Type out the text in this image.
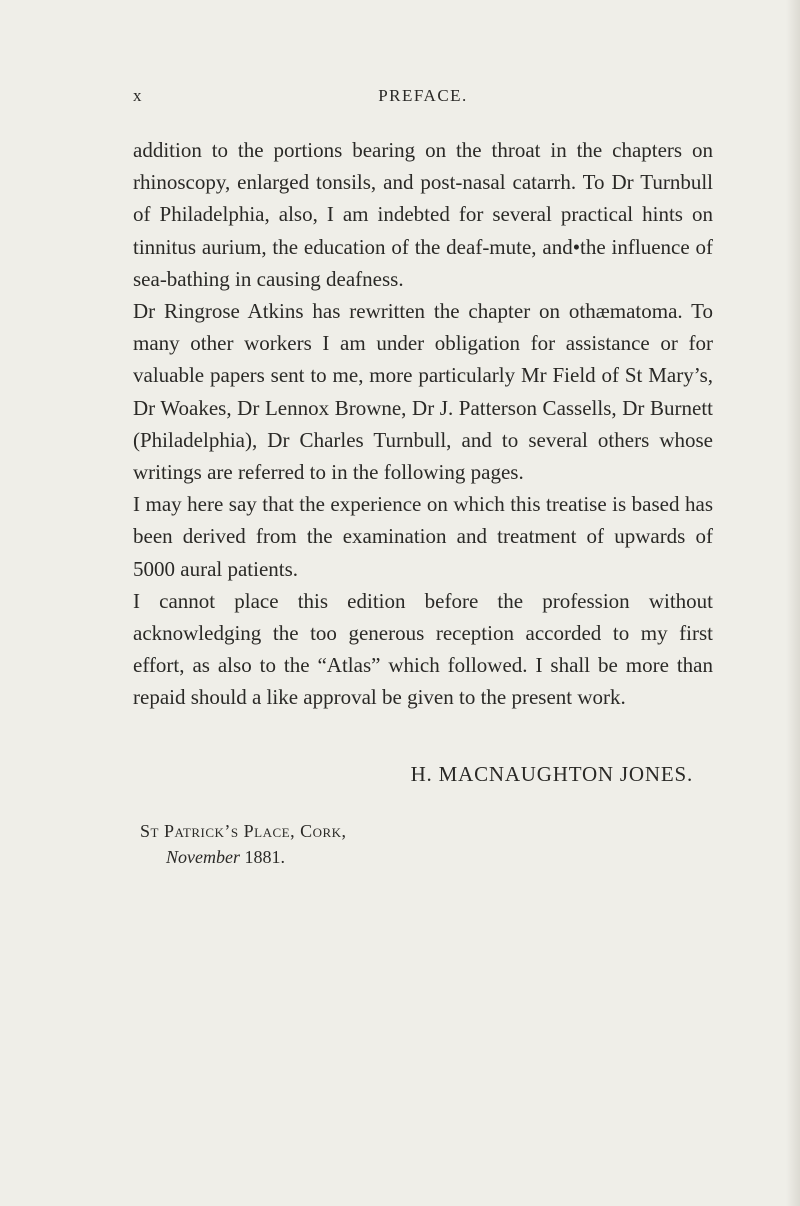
x	PREFACE.

addition to the portions bearing on the throat in the chapters on rhinoscopy, enlarged tonsils, and post-nasal catarrh. To Dr Turnbull of Philadelphia, also, I am indebted for several practical hints on tinnitus aurium, the education of the deaf-mute, and•the influence of sea-bathing in causing deafness.

Dr Ringrose Atkins has rewritten the chapter on othæmatoma. To many other workers I am under obligation for assistance or for valuable papers sent to me, more particularly Mr Field of St Mary’s, Dr Woakes, Dr Lennox Browne, Dr J. Patterson Cassells, Dr Burnett (Philadelphia), Dr Charles Turnbull, and to several others whose writings are referred to in the following pages.

I may here say that the experience on which this treatise is based has been derived from the examination and treatment of upwards of 5000 aural patients.

I cannot place this edition before the profession without acknowledging the too generous reception accorded to my first effort, as also to the “Atlas” which followed. I shall be more than repaid should a like approval be given to the present work.

H. MACNAUGHTON JONES.
St Patrick’s Place, Cork,
November 1881.
